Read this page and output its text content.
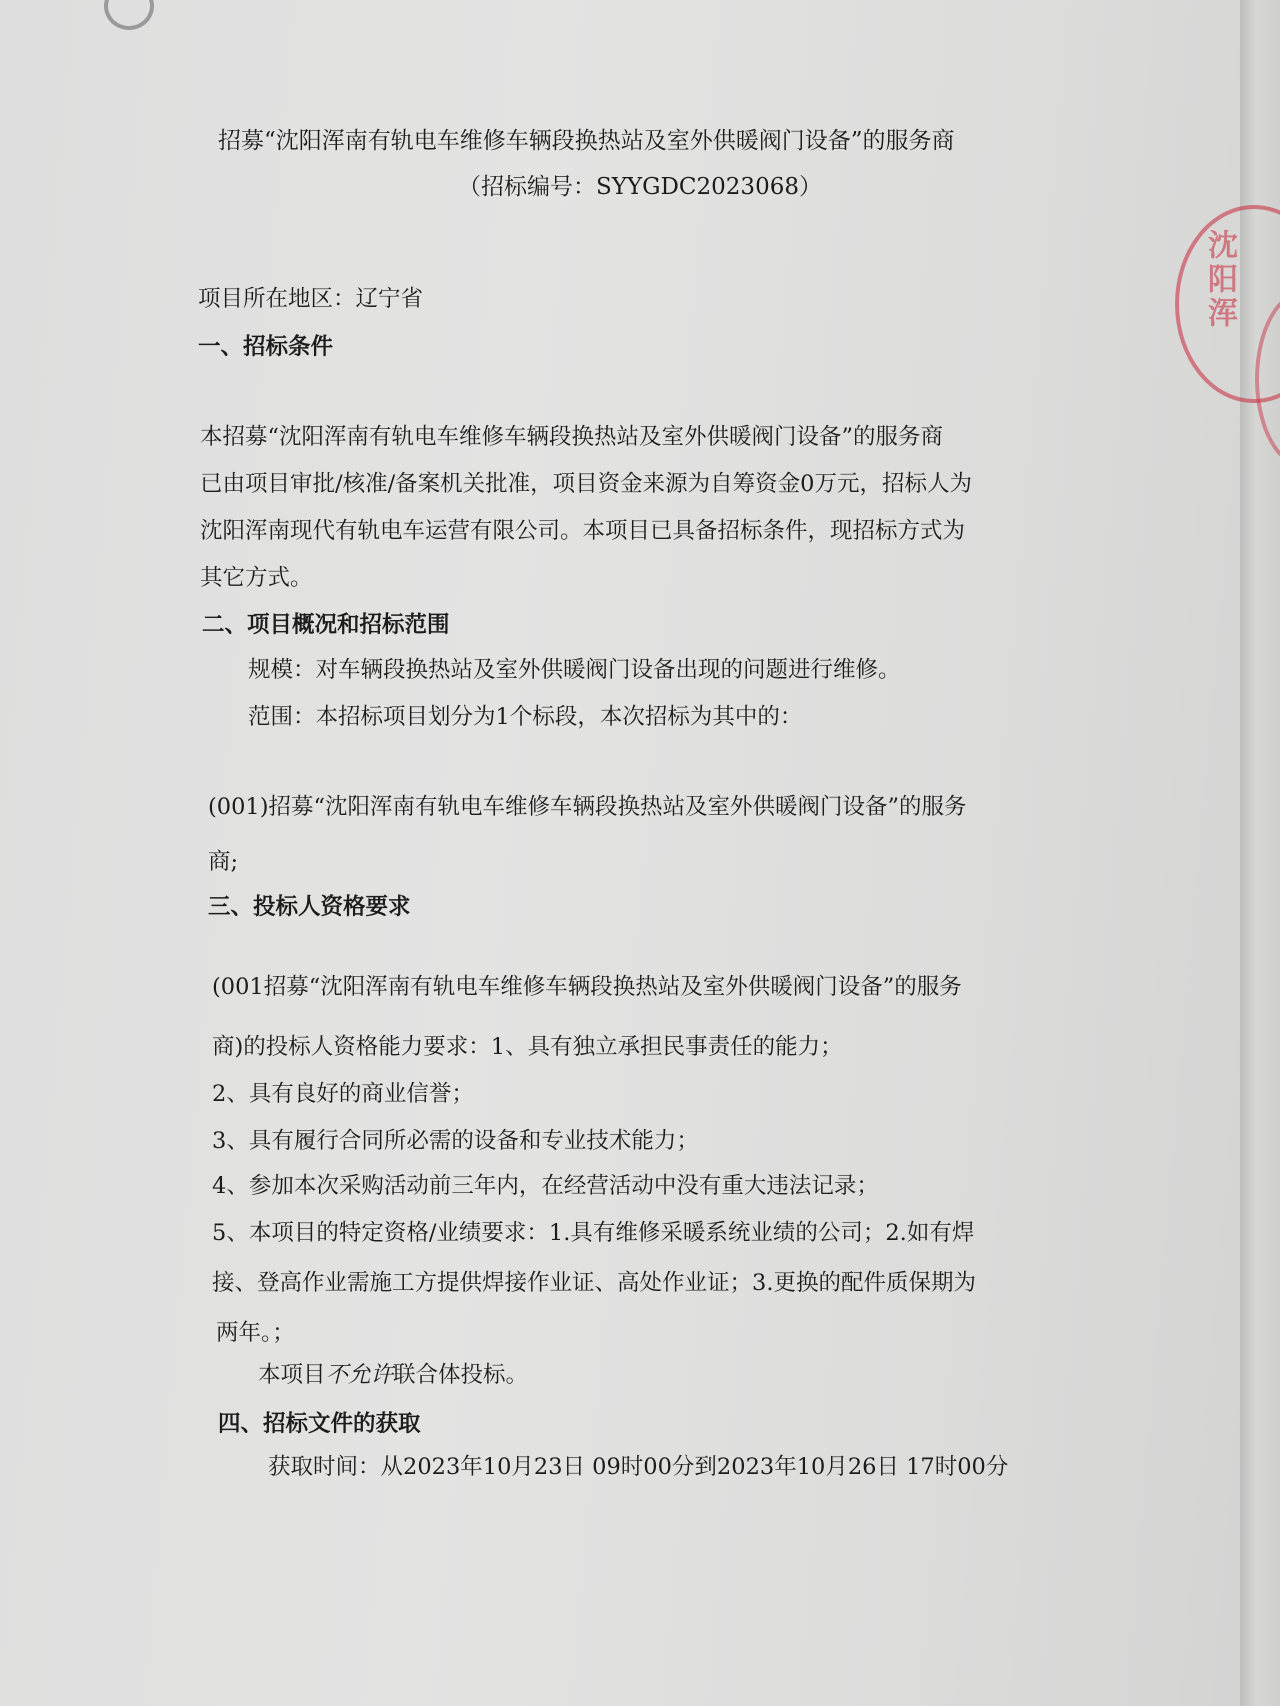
沈阳浑
招募“沈阳浑南有轨电车维修车辆段换热站及室外供暖阀门设备”的服务商
（招标编号：SYYGDC2023068）
项目所在地区：辽宁省
一、招标条件
本招募“沈阳浑南有轨电车维修车辆段换热站及室外供暖阀门设备”的服务商
已由项目审批/核准/备案机关批准，项目资金来源为自筹资金0万元，招标人为
沈阳浑南现代有轨电车运营有限公司。本项目已具备招标条件，现招标方式为
其它方式。
二、项目概况和招标范围
规模：对车辆段换热站及室外供暖阀门设备出现的问题进行维修。
范围：本招标项目划分为1个标段，本次招标为其中的：
(001)招募“沈阳浑南有轨电车维修车辆段换热站及室外供暖阀门设备”的服务
商;
三、投标人资格要求
(001招募“沈阳浑南有轨电车维修车辆段换热站及室外供暖阀门设备”的服务
商)的投标人资格能力要求：1、具有独立承担民事责任的能力；
2、具有良好的商业信誉；
3、具有履行合同所必需的设备和专业技术能力；
4、参加本次采购活动前三年内，在经营活动中没有重大违法记录；
5、本项目的特定资格/业绩要求：1.具有维修采暖系统业绩的公司；2.如有焊
接、登高作业需施工方提供焊接作业证、高处作业证；3.更换的配件质保期为
两年。；
本项目不允许联合体投标。
四、招标文件的获取
获取时间：从2023年10月23日 09时00分到2023年10月26日 17时00分
